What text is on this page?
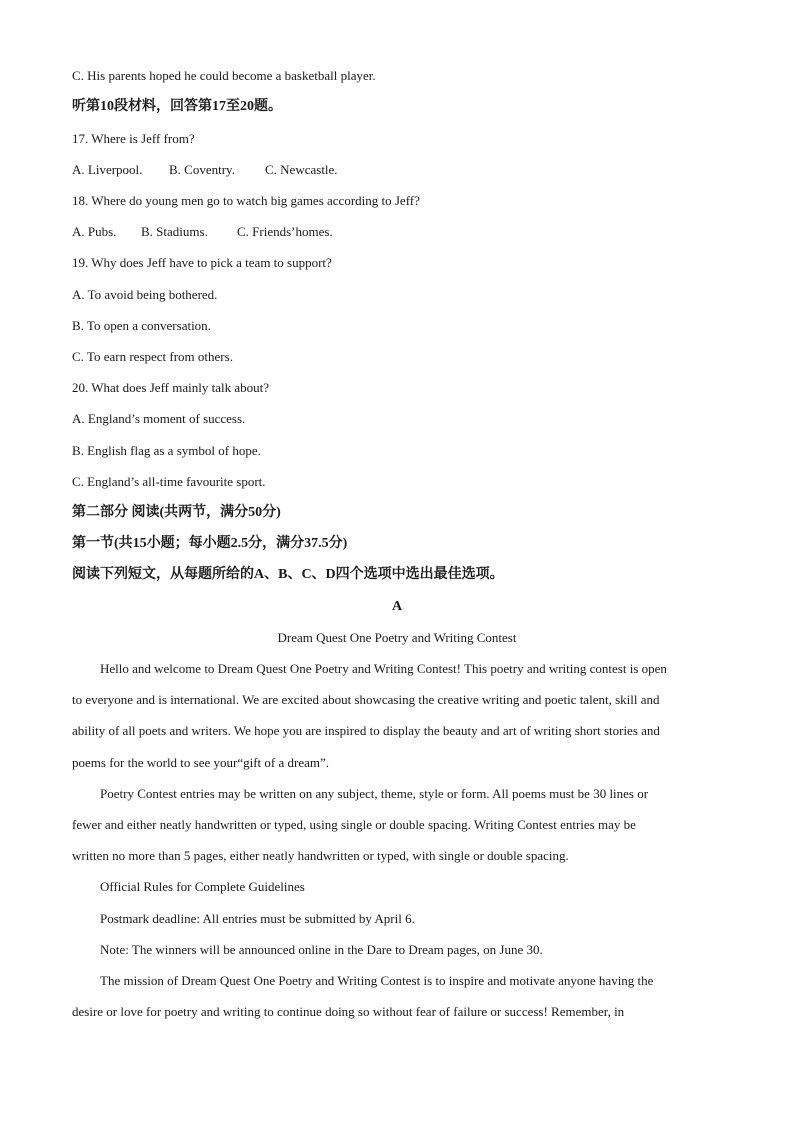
C. His parents hoped he could become a basketball player.
听第10段材料，回答第17至20题。
17. Where is Jeff from?
A. Liverpool. B. Coventry. C. Newcastle.
18. Where do young men go to watch big games according to Jeff?
A. Pubs. B. Stadiums. C. Friends’homes.
19. Why does Jeff have to pick a team to support?
A. To avoid being bothered.
B. To open a conversation.
C. To earn respect from others.
20. What does Jeff mainly talk about?
A. England’s moment of success.
B. English flag as a symbol of hope.
C. England’s all-time favourite sport.
第二部分 阅读(共两节，满分50分)
第一节(共15小题；每小题2.5分，满分37.5分)
阅读下列短文，从每题所给的A、B、C、D四个选项中选出最佳选项。
A
Dream Quest One Poetry and Writing Contest
Hello and welcome to Dream Quest One Poetry and Writing Contest! This poetry and writing contest is open
to everyone and is international. We are excited about showcasing the creative writing and poetic talent, skill and
ability of all poets and writers. We hope you are inspired to display the beauty and art of writing short stories and
poems for the world to see your“gift of a dream”.
Poetry Contest entries may be written on any subject, theme, style or form. All poems must be 30 lines or
fewer and either neatly handwritten or typed, using single or double spacing. Writing Contest entries may be
written no more than 5 pages, either neatly handwritten or typed, with single or double spacing.
Official Rules for Complete Guidelines
Postmark deadline: All entries must be submitted by April 6.
Note: The winners will be announced online in the Dare to Dream pages, on June 30.
The mission of Dream Quest One Poetry and Writing Contest is to inspire and motivate anyone having the
desire or love for poetry and writing to continue doing so without fear of failure or success! Remember, in
